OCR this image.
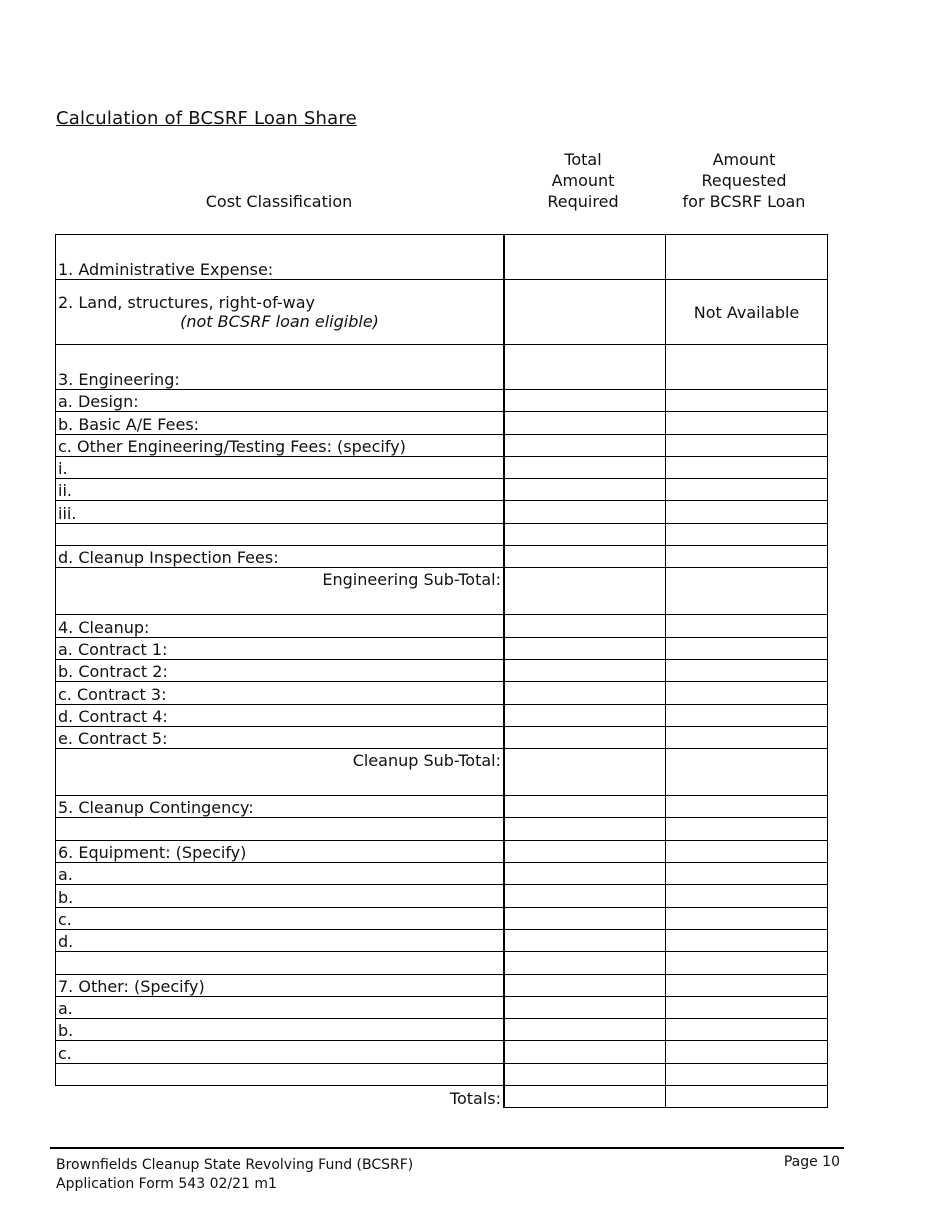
Calculation of BCSRF Loan Share
Cost Classification
Total
Amount
Required
Amount
Requested
for BCSRF Loan
1. Administrative Expense:		
2. Land, structures, right-of-way
(not BCSRF loan eligible)		Not Available
3. Engineering:		
a. Design:		
b. Basic A/E Fees:		
c. Other Engineering/Testing Fees: (specify)		
i.		
ii.		
iii.		

d. Cleanup Inspection Fees:		
Engineering Sub-Total:		
4. Cleanup:		
a. Contract 1:		
b. Contract 2:		
c. Contract 3:		
d. Contract 4:		
e. Contract 5:		
Cleanup Sub-Total:		
5. Cleanup Contingency:		

6. Equipment: (Specify)		
a.		
b.		
c.		
d.		

7. Other: (Specify)		
a.		
b.		
c.		

Totals:		
Brownfields Cleanup State Revolving Fund (BCSRF)
Application Form 543 02/21 m1
Page 10
